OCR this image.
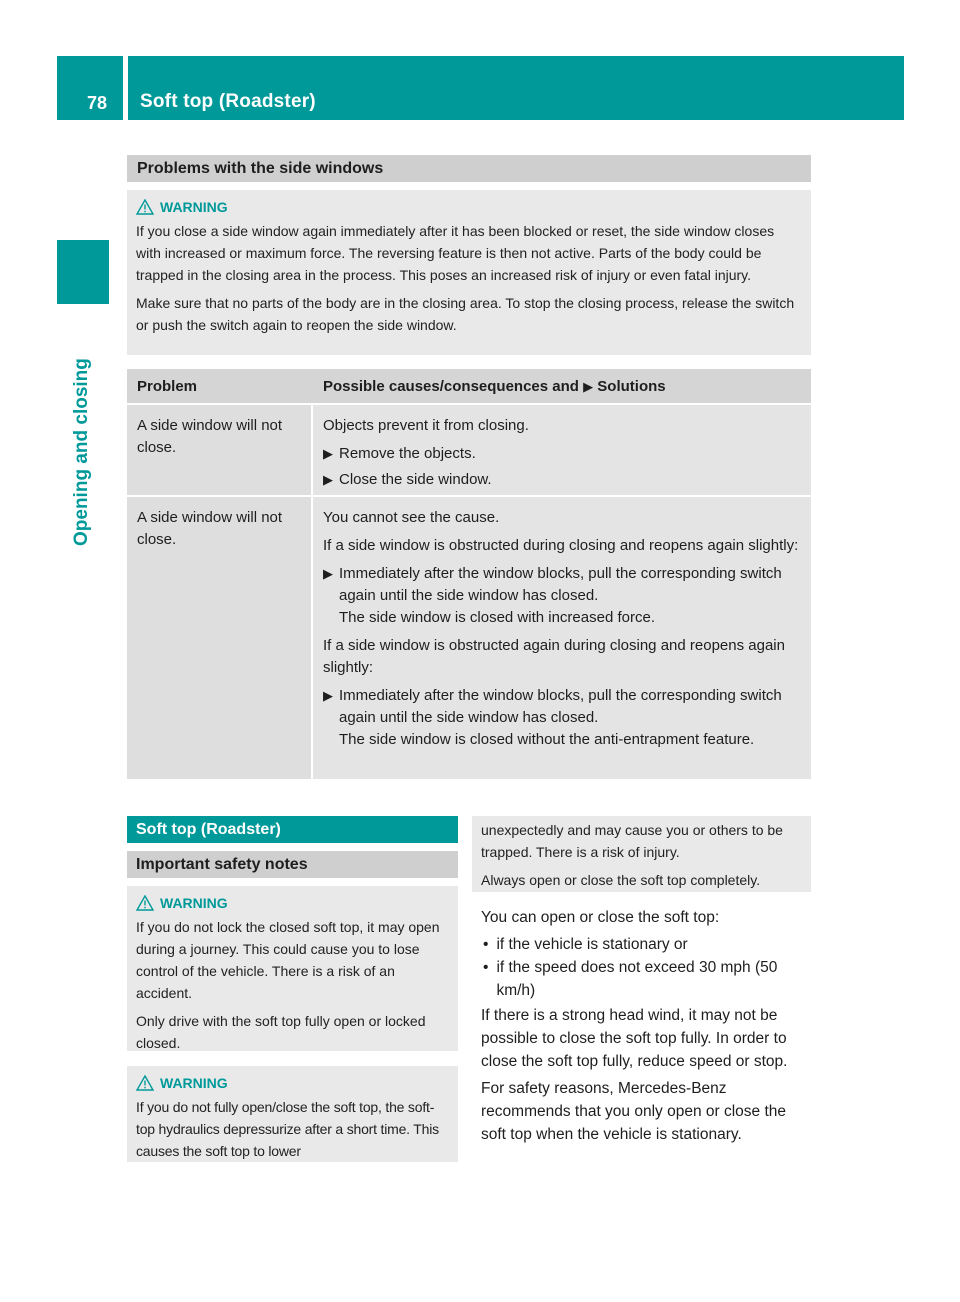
78 Soft top (Roadster)
Opening and closing
Problems with the side windows
WARNING

If you close a side window again immediately after it has been blocked or reset, the side window closes with increased or maximum force. The reversing feature is then not active. Parts of the body could be trapped in the closing area in the process. This poses an increased risk of injury or even fatal injury.

Make sure that no parts of the body are in the closing area. To stop the closing process, release the switch or push the switch again to reopen the side window.

Problem	Possible causes/consequences and ▶ Solutions
A side window will not close.

Objects prevent it from closing.

▶ Remove the objects.
▶ Close the side window.
A side window will not close.

You cannot see the cause.

If a side window is obstructed during closing and reopens again slightly:

▶ Immediately after the window blocks, pull the corresponding switch again until the side window has closed.

The side window is closed with increased force.

If a side window is obstructed again during closing and reopens again slightly:

▶ Immediately after the window blocks, pull the corresponding switch again until the side window has closed.

The side window is closed without the anti-entrapment feature.

Soft top (Roadster)
Important safety notes
WARNING

If you do not lock the closed soft top, it may open during a journey. This could cause you to lose control of the vehicle. There is a risk of an accident.

Only drive with the soft top fully open or locked closed.

WARNING

If you do not fully open/close the soft top, the soft-top hydraulics depressurize after a short time. This causes the soft top to lower

unexpectedly and may cause you or others to be trapped. There is a risk of injury.

Always open or close the soft top completely.

You can open or close the soft top:

• if the vehicle is stationary or
• if the speed does not exceed 30 mph (50 km/h)

If there is a strong head wind, it may not be possible to close the soft top fully. In order to close the soft top fully, reduce speed or stop.

For safety reasons, Mercedes-Benz recommends that you only open or close the soft top when the vehicle is stationary.
